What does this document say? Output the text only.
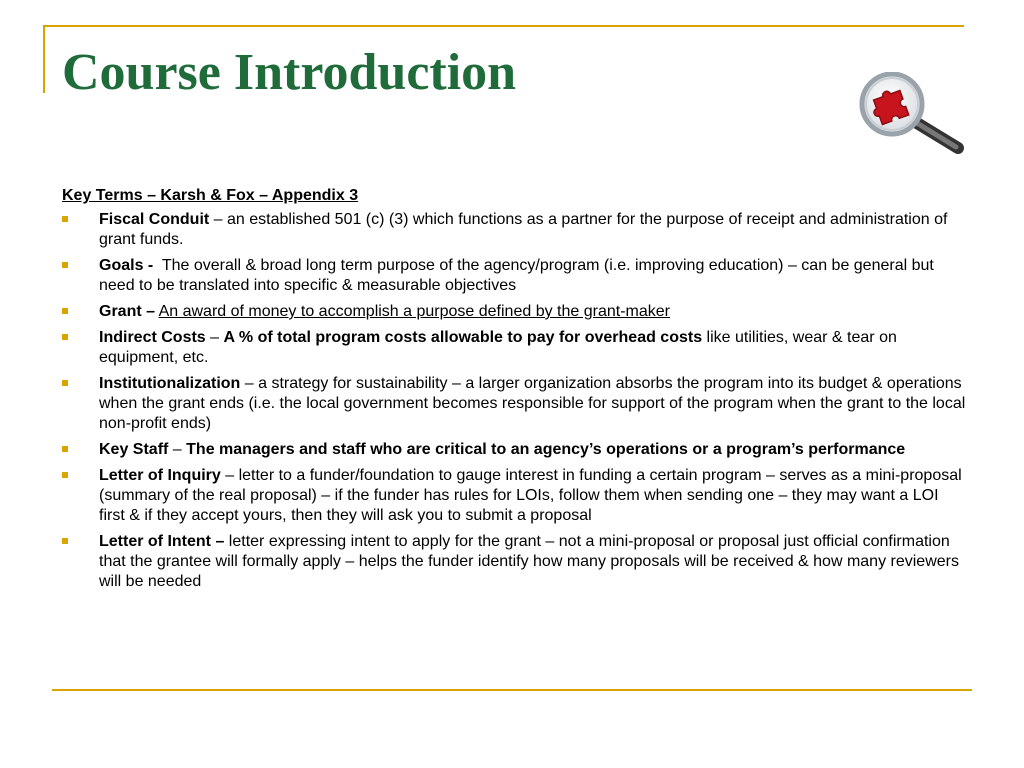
Course Introduction
Key Terms – Karsh & Fox – Appendix 3
Fiscal Conduit – an established 501 (c) (3) which functions as a partner for the purpose of receipt and administration of grant funds.
Goals - The overall & broad long term purpose of the agency/program (i.e. improving education) – can be general but need to be translated into specific & measurable objectives
Grant – An award of money to accomplish a purpose defined by the grant-maker
Indirect Costs – A % of total program costs allowable to pay for overhead costs like utilities, wear & tear on equipment, etc.
Institutionalization – a strategy for sustainability – a larger organization absorbs the program into its budget & operations when the grant ends (i.e. the local government becomes responsible for support of the program when the grant to the local non-profit ends)
Key Staff – The managers and staff who are critical to an agency’s operations or a program’s performance
Letter of Inquiry – letter to a funder/foundation to gauge interest in funding a certain program – serves as a mini-proposal (summary of the real proposal) – if the funder has rules for LOIs, follow them when sending one – they may want a LOI first & if they accept yours, then they will ask you to submit a proposal
Letter of Intent – letter expressing intent to apply for the grant – not a mini-proposal or proposal just official confirmation that the grantee will formally apply – helps the funder identify how many proposals will be received & how many reviewers will be needed
